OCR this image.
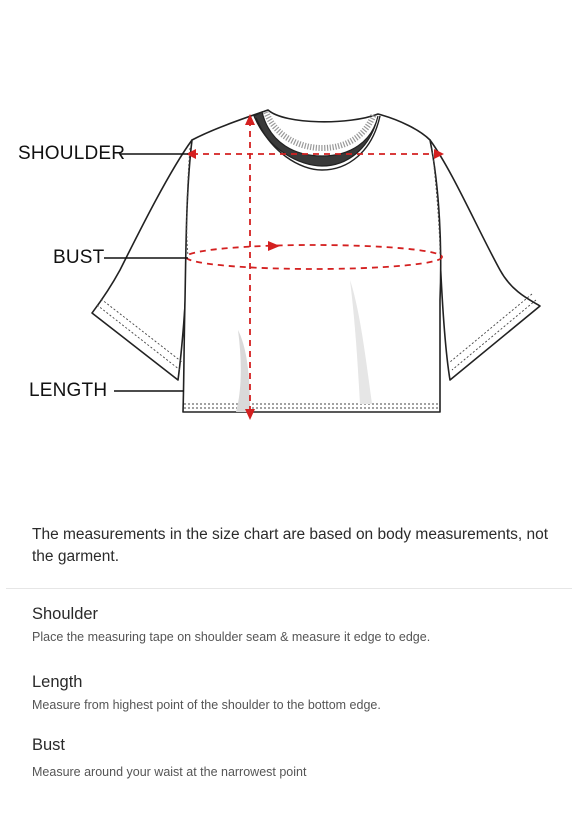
SHOULDER
BUST
LENGTH
The measurements in the size chart are based on body measurements, not the garment.
Shoulder
Place the measuring tape on shoulder seam & measure it edge to edge.
Length
Measure from highest point of the shoulder to the bottom edge.
Bust
Measure around your waist at the narrowest point
